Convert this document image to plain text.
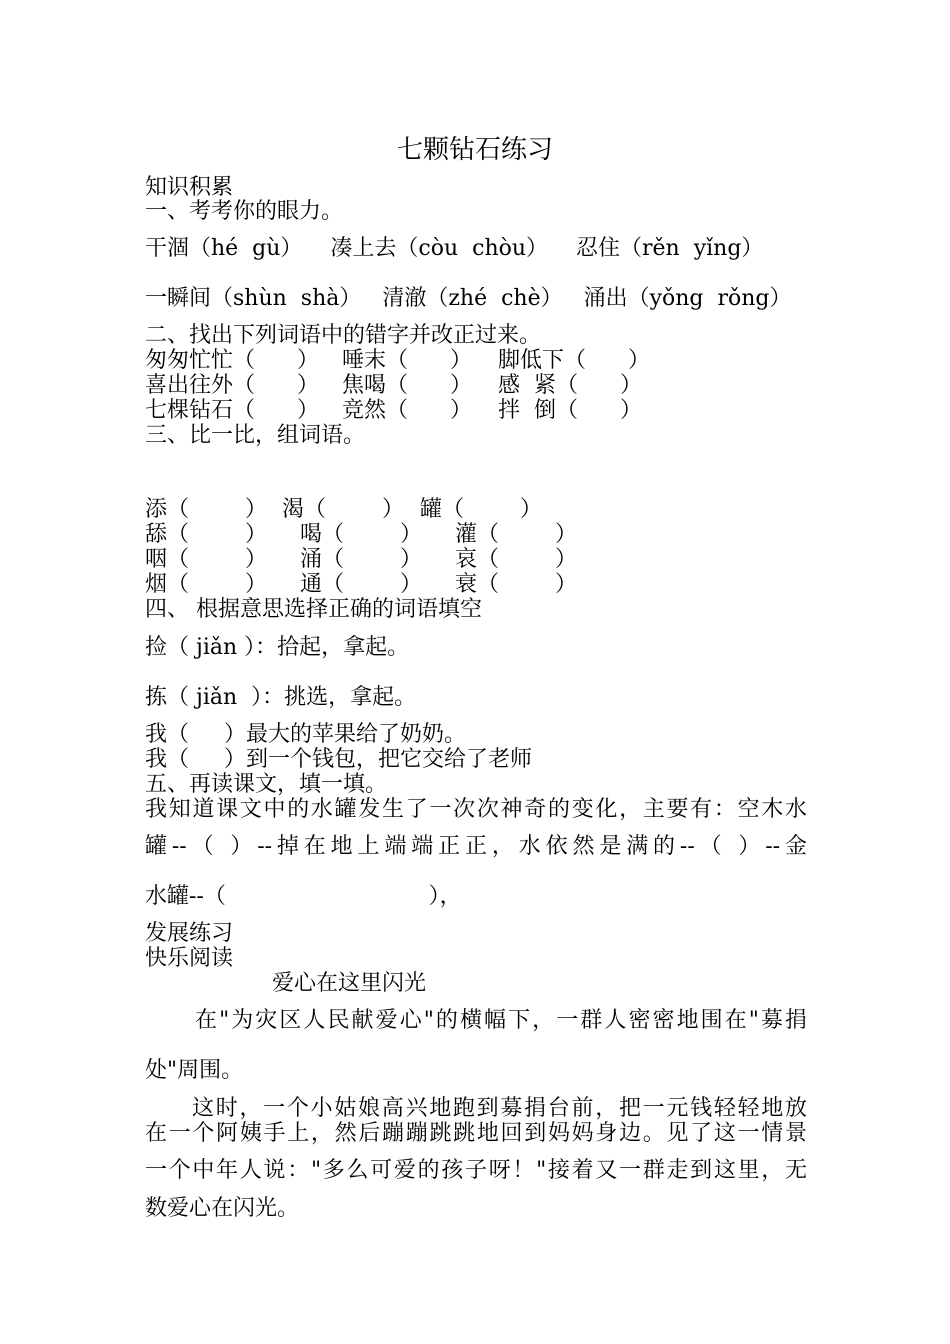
七颗钻石练习
知识积累
一、考考你的眼力。
干涸（hé  gù）    凑上去（còu  chòu）    忍住（rěn  yǐng）
一瞬间（shùn  shà）   清澈（zhé  chè）   涌出（yǒng  rǒng）
二、找出下列词语中的错字并改正过来。
匆匆忙忙（      ） 唾末（      ） 脚低下（      ）
喜出往外（      ） 焦喝（      ） 感  紧（      ）
七棵钻石（      ） 竞然（      ） 拌  倒（      ）
三、比一比，组词语。
添（        ） 渴（        ） 罐（        ）
舔（        ） 喝（        ） 灌（        ）
咽（        ） 涌（        ） 哀（        ）
烟（        ） 通（        ） 衰（        ）
四、 根据意思选择正确的词语填空
捡（ jiǎn ）：拾起，拿起。
拣（ jiǎn  ）：挑选，拿起。
我（     ）最大的苹果给了奶奶。
我（     ）到一个钱包，把它交给了老师
五、再读课文，填一填。
我知道课文中的水罐发生了一次次神奇的变化，主要有：空木水
罐--（ ）--掉在地上端端正正，水依然是满的--（ ）--金
水罐--（                             ），
发展练习
快乐阅读
爱心在这里闪光
在"为灾区人民献爱心"的横幅下，一群人密密地围在"募捐
处"周围。
这时，一个小姑娘高兴地跑到募捐台前，把一元钱轻轻地放
在一个阿姨手上，然后蹦蹦跳跳地回到妈妈身边。见了这一情景
一个中年人说："多么可爱的孩子呀！"接着又一群走到这里，无
数爱心在闪光。
